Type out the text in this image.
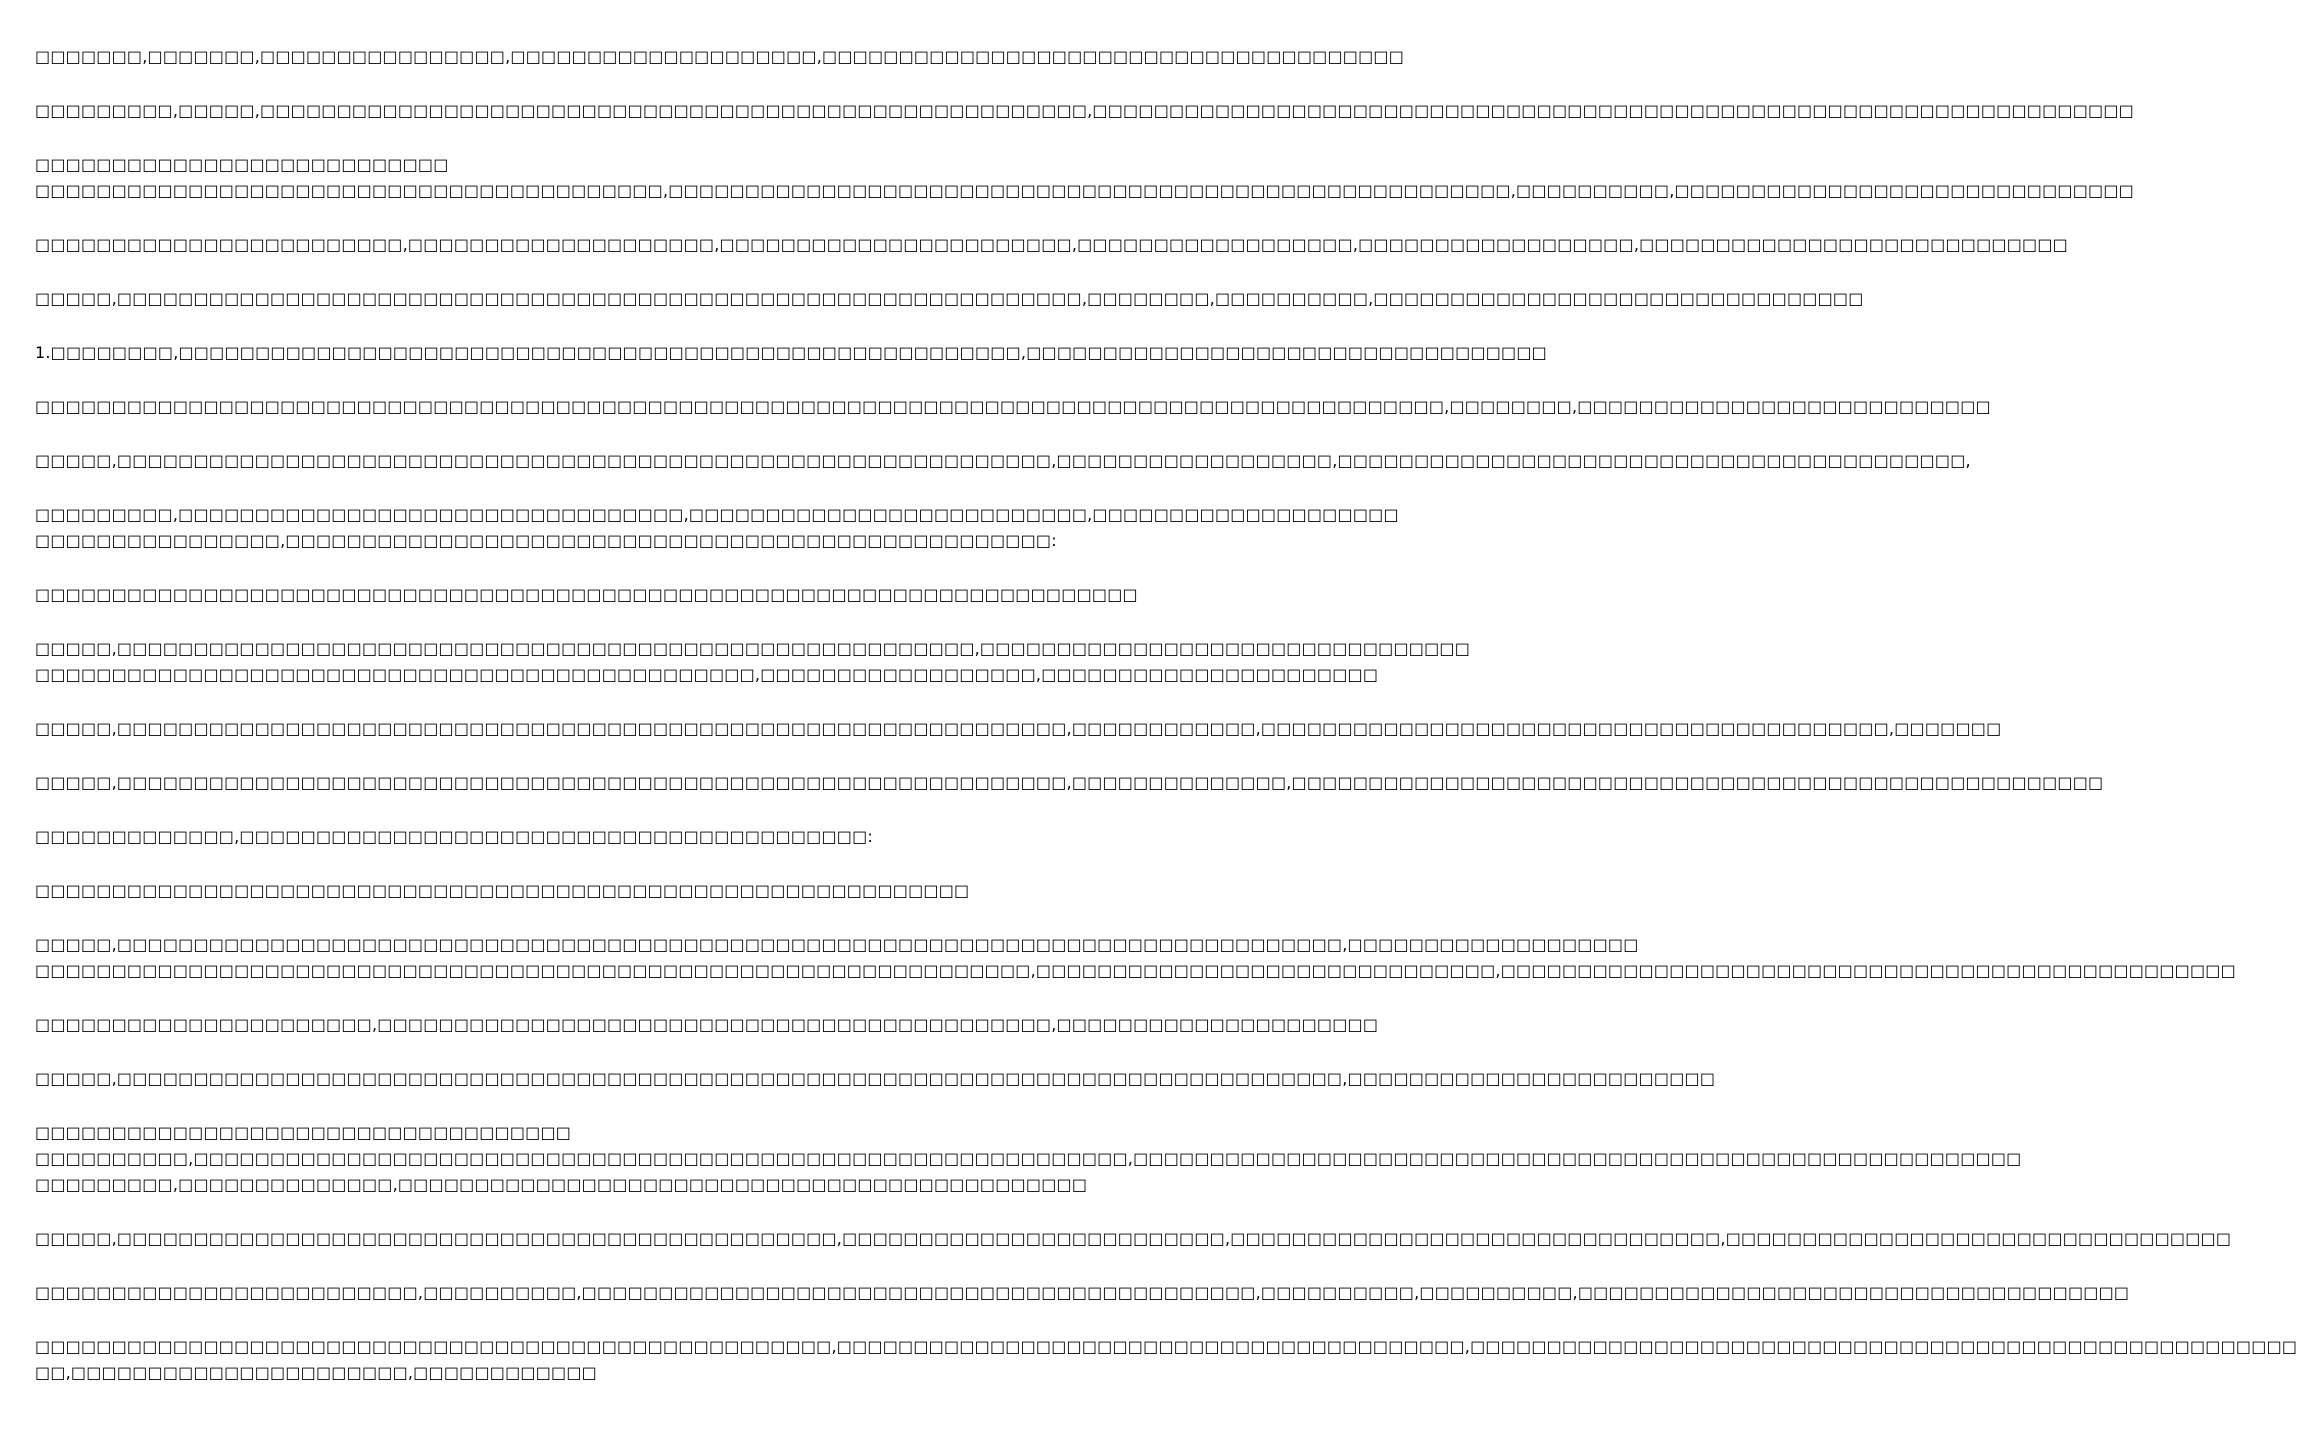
□□□□□□□,□□□□□□□,□□□□□□□□□□□□□□□□,□□□□□□□□□□□□□□□□□□□□,□□□□□□□□□□□□□□□□□□□□□□□□□□□□□□□□□□□□□□
□□□□□□□□□,□□□□□,□□□□□□□□□□□□□□□□□□□□□□□□□□□□□□□□□□□□□□□□□□□□□□□□□□□□□□,□□□□□□□□□□□□□□□□□□□□□□□□□□□□□□□□□□□□□□□□□□□□□□□□□□□□□□□□□□□□□□□□□□□□
□□□□□□□□□□□□□□□□□□□□□□□□□□□
□□□□□□□□□□□□□□□□□□□□□□□□□□□□□□□□□□□□□□□□□,□□□□□□□□□□□□□□□□□□□□□□□□□□□□□□□□□□□□□□□□□□□□□□□□□□□□□□□,□□□□□□□□□□,□□□□□□□□□□□□□□□□□□□□□□□□□□□□□□
□□□□□□□□□□□□□□□□□□□□□□□□,□□□□□□□□□□□□□□□□□□□□,□□□□□□□□□□□□□□□□□□□□□□□,□□□□□□□□□□□□□□□□□□,□□□□□□□□□□□□□□□□□□,□□□□□□□□□□□□□□□□□□□□□□□□□□□□
□□□□□,□□□□□□□□□□□□□□□□□□□□□□□□□□□□□□□□□□□□□□□□□□□□□□□□□□□□□□□□□□□□□□□,□□□□□□□□,□□□□□□□□□□,□□□□□□□□□□□□□□□□□□□□□□□□□□□□□□□□
1.□□□□□□□□,□□□□□□□□□□□□□□□□□□□□□□□□□□□□□□□□□□□□□□□□□□□□□□□□□□□□□□□,□□□□□□□□□□□□□□□□□□□□□□□□□□□□□□□□□□
□□□□□□□□□□□□□□□□□□□□□□□□□□□□□□□□□□□□□□□□□□□□□□□□□□□□□□□□□□□□□□□□□□□□□□□□□□□□□□□□□□□□□□□□□□□□,□□□□□□□□,□□□□□□□□□□□□□□□□□□□□□□□□□□□
□□□□□,□□□□□□□□□□□□□□□□□□□□□□□□□□□□□□□□□□□□□□□□□□□□□□□□□□□□□□□□□□□□□,□□□□□□□□□□□□□□□□□□,□□□□□□□□□□□□□□□□□□□□□□□□□□□□□□□□□□□□□□□□□,
□□□□□□□□□,□□□□□□□□□□□□□□□□□□□□□□□□□□□□□□□□□,□□□□□□□□□□□□□□□□□□□□□□□□□□,□□□□□□□□□□□□□□□□□□□□
□□□□□□□□□□□□□□□□,□□□□□□□□□□□□□□□□□□□□□□□□□□□□□□□□□□□□□□□□□□□□□□□□□□:
□□□□□□□□□□□□□□□□□□□□□□□□□□□□□□□□□□□□□□□□□□□□□□□□□□□□□□□□□□□□□□□□□□□□□□□□
□□□□□,□□□□□□□□□□□□□□□□□□□□□□□□□□□□□□□□□□□□□□□□□□□□□□□□□□□□□□□□,□□□□□□□□□□□□□□□□□□□□□□□□□□□□□□□□
□□□□□□□□□□□□□□□□□□□□□□□□□□□□□□□□□□□□□□□□□□□□□□□,□□□□□□□□□□□□□□□□□□,□□□□□□□□□□□□□□□□□□□□□□
□□□□□,□□□□□□□□□□□□□□□□□□□□□□□□□□□□□□□□□□□□□□□□□□□□□□□□□□□□□□□□□□□□□□,□□□□□□□□□□□□,□□□□□□□□□□□□□□□□□□□□□□□□□□□□□□□□□□□□□□□□□,□□□□□□□
□□□□□,□□□□□□□□□□□□□□□□□□□□□□□□□□□□□□□□□□□□□□□□□□□□□□□□□□□□□□□□□□□□□□,□□□□□□□□□□□□□□,□□□□□□□□□□□□□□□□□□□□□□□□□□□□□□□□□□□□□□□□□□□□□□□□□□□□□
□□□□□□□□□□□□□,□□□□□□□□□□□□□□□□□□□□□□□□□□□□□□□□□□□□□□□□□:
□□□□□□□□□□□□□□□□□□□□□□□□□□□□□□□□□□□□□□□□□□□□□□□□□□□□□□□□□□□□□
□□□□□,□□□□□□□□□□□□□□□□□□□□□□□□□□□□□□□□□□□□□□□□□□□□□□□□□□□□□□□□□□□□□□□□□□□□□□□□□□□□□□□□,□□□□□□□□□□□□□□□□□□□
□□□□□□□□□□□□□□□□□□□□□□□□□□□□□□□□□□□□□□□□□□□□□□□□□□□□□□□□□□□□□□□□□,□□□□□□□□□□□□□□□□□□□□□□□□□□□□□□,□□□□□□□□□□□□□□□□□□□□□□□□□□□□□□□□□□□□□□□□□□□□□□□□
□□□□□□□□□□□□□□□□□□□□□□,□□□□□□□□□□□□□□□□□□□□□□□□□□□□□□□□□□□□□□□□□□□□,□□□□□□□□□□□□□□□□□□□□□
□□□□□,□□□□□□□□□□□□□□□□□□□□□□□□□□□□□□□□□□□□□□□□□□□□□□□□□□□□□□□□□□□□□□□□□□□□□□□□□□□□□□□□,□□□□□□□□□□□□□□□□□□□□□□□□
□□□□□□□□□□□□□□□□□□□□□□□□□□□□□□□□□□□
□□□□□□□□□□,□□□□□□□□□□□□□□□□□□□□□□□□□□□□□□□□□□□□□□□□□□□□□□□□□□□□□□□□□□□□□,□□□□□□□□□□□□□□□□□□□□□□□□□□□□□□□□□□□□□□□□□□□□□□□□□□□□□□□□□□
□□□□□□□□□,□□□□□□□□□□□□□□,□□□□□□□□□□□□□□□□□□□□□□□□□□□□□□□□□□□□□□□□□□□□□
□□□□□,□□□□□□□□□□□□□□□□□□□□□□□□□□□□□□□□□□□□□□□□□□□□□□□,□□□□□□□□□□□□□□□□□□□□□□□□□,□□□□□□□□□□□□□□□□□□□□□□□□□□□□□□□□,□□□□□□□□□□□□□□□□□□□□□□□□□□□□□□□□□
□□□□□□□□□□□□□□□□□□□□□□□□□,□□□□□□□□□□,□□□□□□□□□□□□□□□□□□□□□□□□□□□□□□□□□□□□□□□□□□□□,□□□□□□□□□□,□□□□□□□□□□,□□□□□□□□□□□□□□□□□□□□□□□□□□□□□□□□□□□□
□□□□□□□□□□□□□□□□□□□□□□□□□□□□□□□□□□□□□□□□□□□□□□□□□□□□,□□□□□□□□□□□□□□□□□□□□□□□□□□□□□□□□□□□□□□□□□,□□□□□□□□□□□□□□□□□□□□□□□□□□□□□□□□□□□□□□□□□□□□□□□□□□□□□□
□□,□□□□□□□□□□□□□□□□□□□□□□,□□□□□□□□□□□□
